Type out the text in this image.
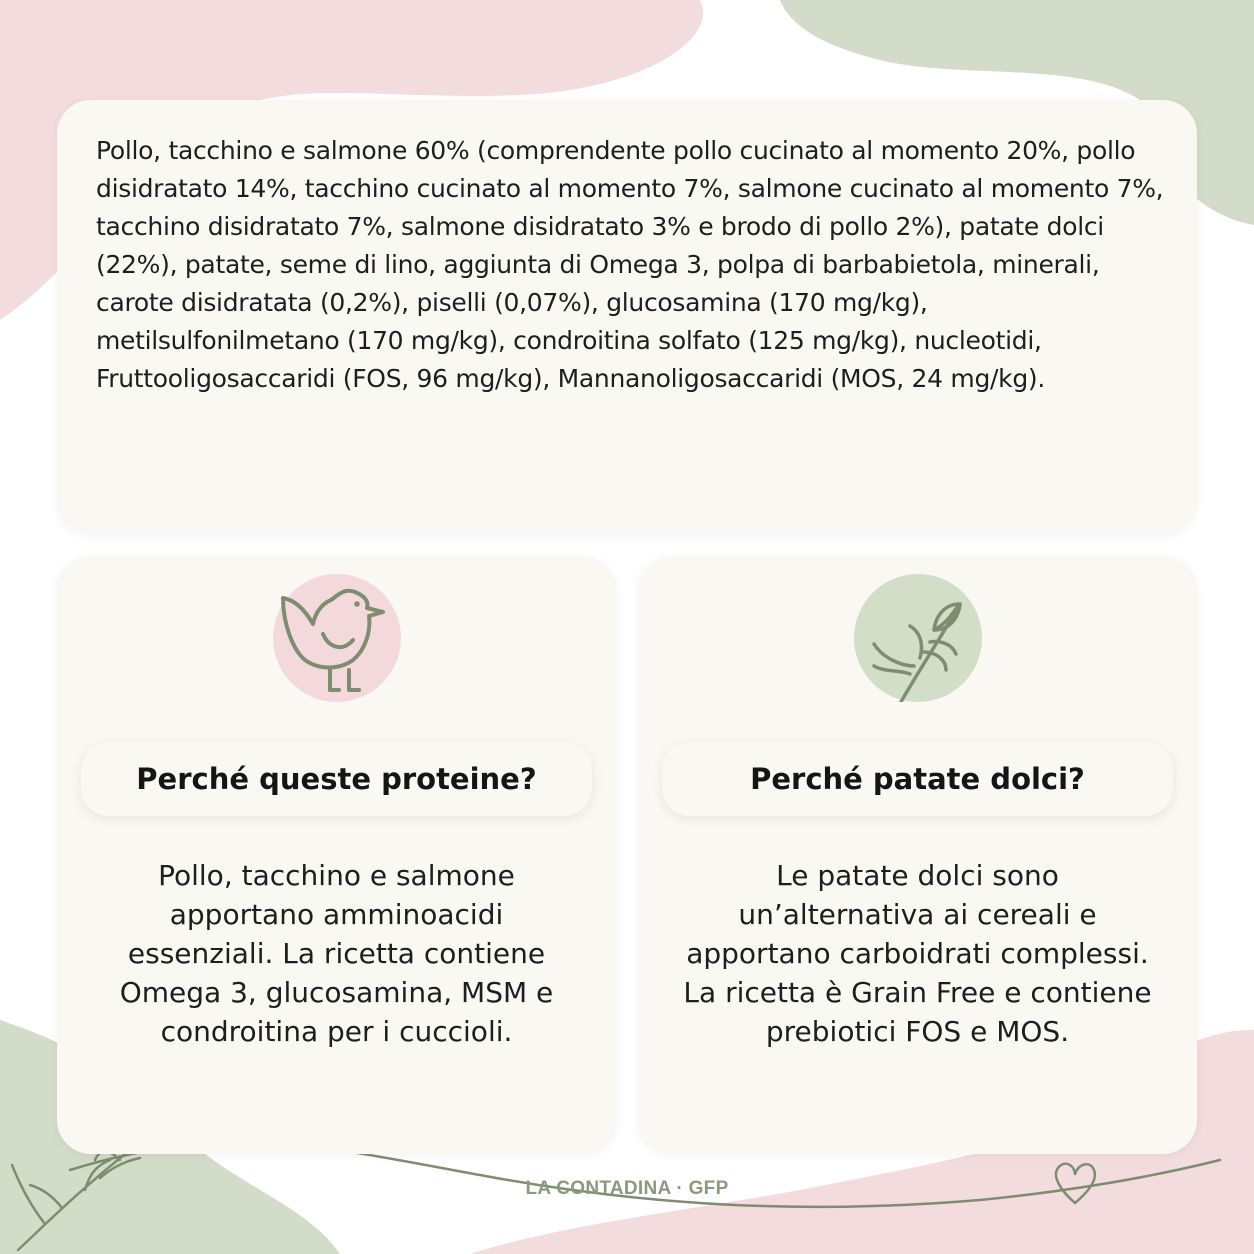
Pollo, tacchino e salmone 60% (comprendente pollo cucinato al momento 20%, pollo disidratato 14%, tacchino cucinato al momento 7%, salmone cucinato al momento 7%, tacchino disidratato 7%, salmone disidratato 3% e brodo di pollo 2%), patate dolci (22%), patate, seme di lino, aggiunta di Omega 3, polpa di barbabietola, minerali, carote disidratata (0,2%), piselli (0,07%), glucosamina (170 mg/kg), metilsulfonilmetano (170 mg/kg), condroitina solfato (125 mg/kg), nucleotidi, Fruttooligosaccaridi (FOS, 96 mg/kg), Mannanoligosaccaridi (MOS, 24 mg/kg).

Perché queste proteine?

Pollo, tacchino e salmone apportano amminoacidi essenziali. La ricetta contiene Omega 3, glucosamina, MSM e condroitina per i cuccioli.

Perché patate dolci?

Le patate dolci sono un’alternativa ai cereali e apportano carboidrati complessi. La ricetta è Grain Free e contiene prebiotici FOS e MOS.

LA CONTADINA · GFP
